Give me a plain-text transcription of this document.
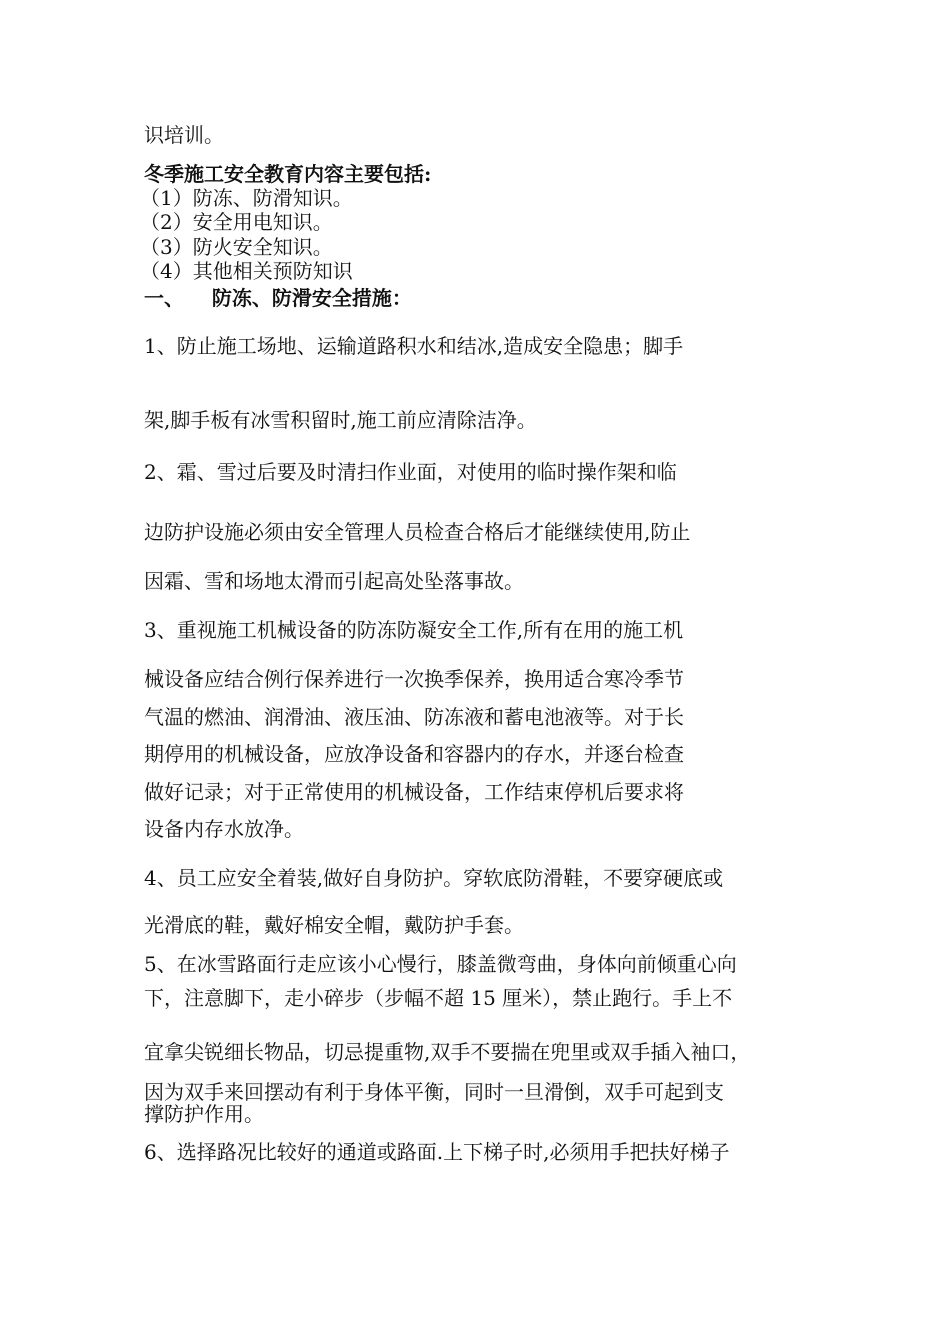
识培训。

冬季施工安全教育内容主要包括:

（1）防冻、防滑知识。

（2）安全用电知识。

（3）防火安全知识。

（4）其他相关预防知识

一、    防冻、防滑安全措施：

1、防止施工场地、运输道路积水和结冰,造成安全隐患；脚手

架,脚手板有冰雪积留时,施工前应清除洁净。

2、霜、雪过后要及时清扫作业面，对使用的临时操作架和临

边防护设施必须由安全管理人员检查合格后才能继续使用,防止

因霜、雪和场地太滑而引起高处坠落事故。

3、重视施工机械设备的防冻防凝安全工作,所有在用的施工机

械设备应结合例行保养进行一次换季保养，换用适合寒冷季节

气温的燃油、润滑油、液压油、防冻液和蓄电池液等。对于长

期停用的机械设备，应放净设备和容器内的存水，并逐台检查

做好记录；对于正常使用的机械设备，工作结束停机后要求将

设备内存水放净。

4、员工应安全着装,做好自身防护。穿软底防滑鞋，不要穿硬底或

光滑底的鞋，戴好棉安全帽，戴防护手套。

5、在冰雪路面行走应该小心慢行，膝盖微弯曲，身体向前倾重心向

下，注意脚下，走小碎步（步幅不超 15 厘米），禁止跑行。手上不

宜拿尖锐细长物品，切忌提重物,双手不要揣在兜里或双手插入袖口，

因为双手来回摆动有利于身体平衡，同时一旦滑倒，双手可起到支

撑防护作用。

6、选择路况比较好的通道或路面.上下梯子时,必须用手把扶好梯子
